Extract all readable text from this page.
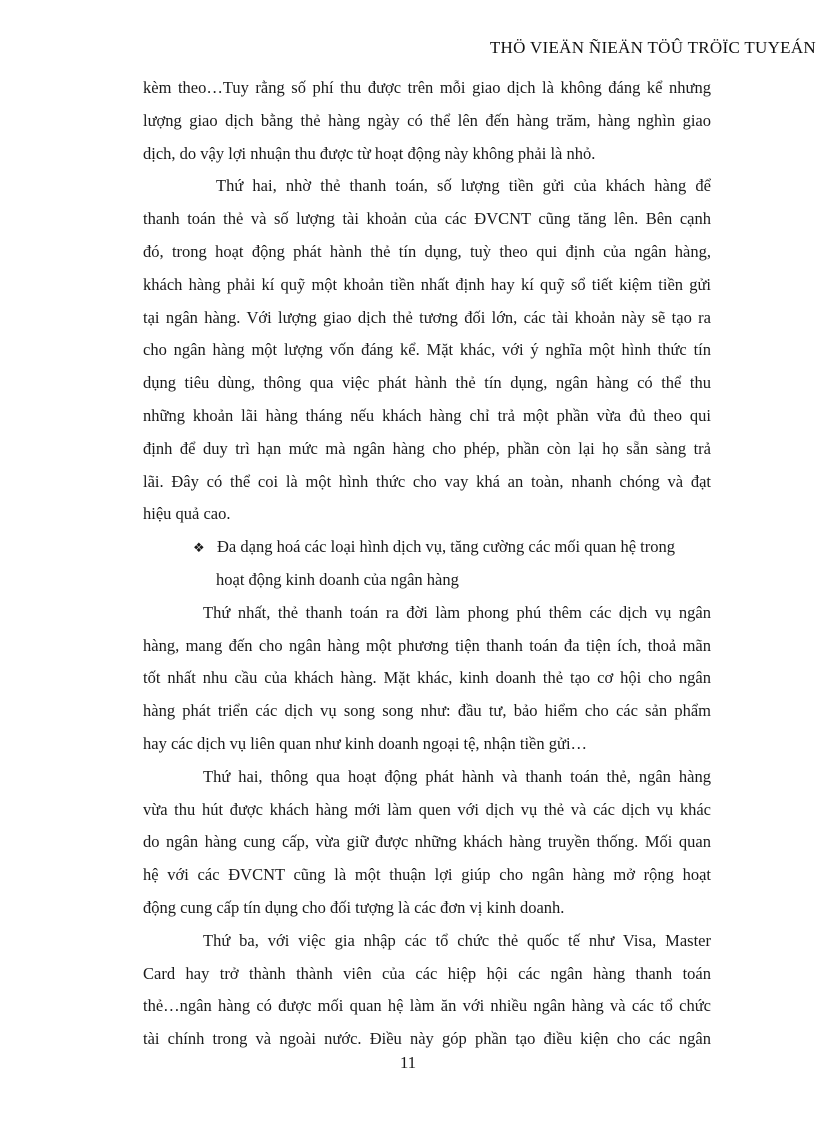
THÖ VIEÄN ÑIEÄN TÖÛ TRÖÏC TUYEÁN
kèm theo…Tuy rằng số phí thu được trên mỗi giao dịch là không đáng kể nhưng
lượng giao dịch bằng thẻ hàng ngày có thể lên đến hàng trăm, hàng nghìn giao
dịch, do vậy lợi nhuận thu được từ hoạt động này không phải là nhỏ.
Thứ hai, nhờ thẻ thanh toán, số lượng tiền gửi của khách hàng để
thanh toán thẻ và số lượng tài khoản của các ĐVCNT cũng tăng lên. Bên cạnh
đó, trong hoạt động phát hành thẻ tín dụng, tuỳ theo qui định của ngân hàng,
khách hàng phải kí quỹ một khoản tiền nhất định hay kí quỹ sổ tiết kiệm tiền gửi
tại ngân hàng. Với lượng giao dịch thẻ tương đối lớn, các tài khoản này sẽ tạo ra
cho ngân hàng một lượng vốn đáng kể. Mặt khác, với ý nghĩa một hình thức tín
dụng tiêu dùng, thông qua việc phát hành thẻ tín dụng, ngân hàng có thể thu
những khoản lãi hàng tháng nếu khách hàng chỉ trả một phần vừa đủ theo qui
định để duy trì hạn mức mà ngân hàng cho phép, phần còn lại họ sẵn sàng trả
lãi. Đây có thể coi là một hình thức cho vay khá an toàn, nhanh chóng và đạt
hiệu quả cao.
❖ Đa dạng hoá các loại hình dịch vụ, tăng cường các mối quan hệ trong
hoạt động kinh doanh của ngân hàng
Thứ nhất, thẻ thanh toán ra đời làm phong phú thêm các dịch vụ ngân
hàng, mang đến cho ngân hàng một phương tiện thanh toán đa tiện ích, thoả mãn
tốt nhất nhu cầu của khách hàng. Mặt khác, kinh doanh thẻ tạo cơ hội cho ngân
hàng phát triển các dịch vụ song song như: đầu tư, bảo hiểm cho các sản phẩm
hay các dịch vụ liên quan như kinh doanh ngoại tệ, nhận tiền gửi…
Thứ hai, thông qua hoạt động phát hành và thanh toán thẻ, ngân hàng
vừa thu hút được khách hàng mới làm quen với dịch vụ thẻ và các dịch vụ khác
do ngân hàng cung cấp, vừa giữ được những khách hàng truyền thống. Mối quan
hệ với các ĐVCNT cũng là một thuận lợi giúp cho ngân hàng mở rộng hoạt
động cung cấp tín dụng cho đối tượng là các đơn vị kinh doanh.
Thứ ba, với việc gia nhập các tổ chức thẻ quốc tế như Visa, Master
Card hay trở thành thành viên của các hiệp hội các ngân hàng thanh toán
thẻ…ngân hàng có được mối quan hệ làm ăn với nhiều ngân hàng và các tổ chức
tài chính trong và ngoài nước. Điều này góp phần tạo điều kiện cho các ngân
11
